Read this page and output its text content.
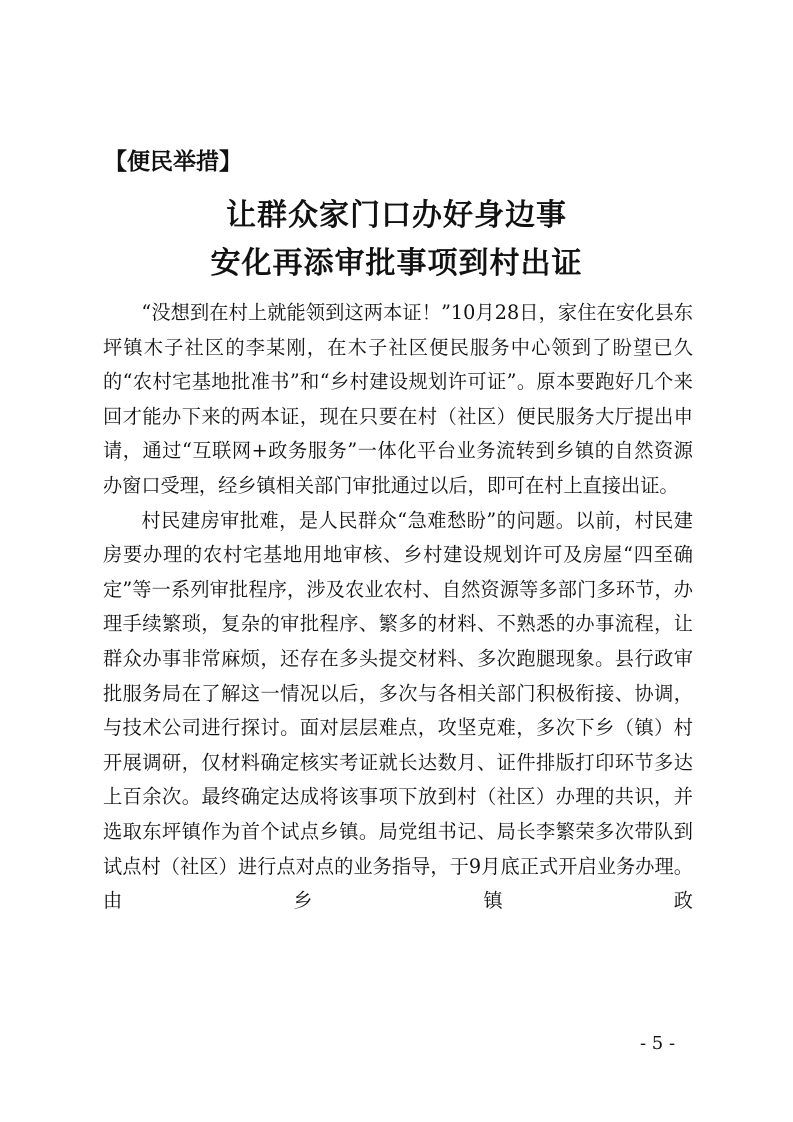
【便民举措】
让群众家门口办好身边事
安化再添审批事项到村出证

“没想到在村上就能领到这两本证！”10月28日，家住在安化县东坪镇木子社区的李某刚，在木子社区便民服务中心领到了盼望已久的“农村宅基地批准书”和“乡村建设规划许可证”。原本要跑好几个来回才能办下来的两本证，现在只要在村（社区）便民服务大厅提出申请，通过“互联网+政务服务”一体化平台业务流转到乡镇的自然资源办窗口受理，经乡镇相关部门审批通过以后，即可在村上直接出证。

村民建房审批难，是人民群众“急难愁盼”的问题。以前，村民建房要办理的农村宅基地用地审核、乡村建设规划许可及房屋“四至确定”等一系列审批程序，涉及农业农村、自然资源等多部门多环节，办理手续繁琐，复杂的审批程序、繁多的材料、不熟悉的办事流程，让群众办事非常麻烦，还存在多头提交材料、多次跑腿现象。县行政审批服务局在了解这一情况以后，多次与各相关部门积极衔接、协调，与技术公司进行探讨。面对层层难点，攻坚克难，多次下乡（镇）村开展调研，仅材料确定核实考证就长达数月、证件排版打印环节多达上百余次。最终确定达成将该事项下放到村（社区）办理的共识，并选取东坪镇作为首个试点乡镇。局党组书记、局长李繁荣多次带队到试点村（社区）进行点对点的业务指导，于9月底正式开启业务办理。由乡镇政

- 5 -
